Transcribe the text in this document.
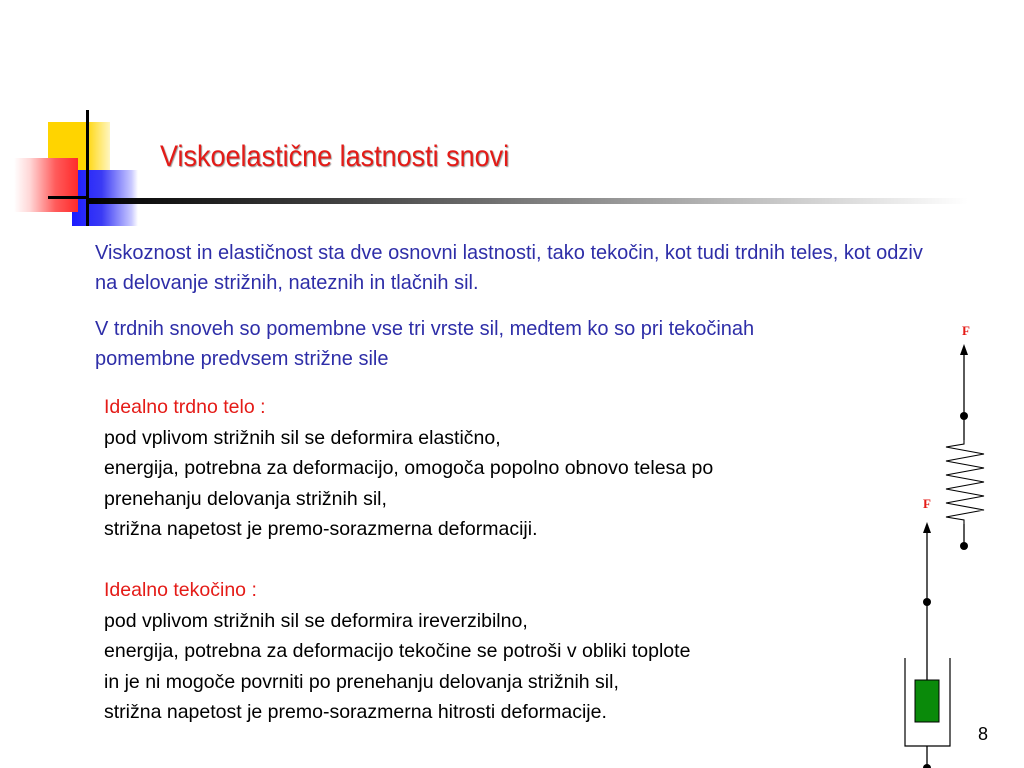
Viskoelastične lastnosti snovi
Viskoznost in elastičnost sta dve osnovni lastnosti, tako tekočin, kot tudi trdnih teles, kot odziv na delovanje strižnih, nateznih in tlačnih sil.
V trdnih snoveh so pomembne vse tri vrste sil, medtem ko so pri tekočinah pomembne predvsem strižne sile
Idealno trdno telo :
pod vplivom strižnih sil se deformira elastično,
energija, potrebna za deformacijo, omogoča popolno obnovo telesa po
prenehanju delovanja strižnih sil,
strižna napetost je premo-sorazmerna deformaciji.
Idealno tekočino :
pod vplivom strižnih sil se deformira ireverzibilno,
energija, potrebna za deformacijo tekočine se potroši v obliki toplote
in je ni mogoče povrniti po prenehanju delovanja strižnih sil,
strižna napetost je premo-sorazmerna hitrosti deformacije.
F
F
8
